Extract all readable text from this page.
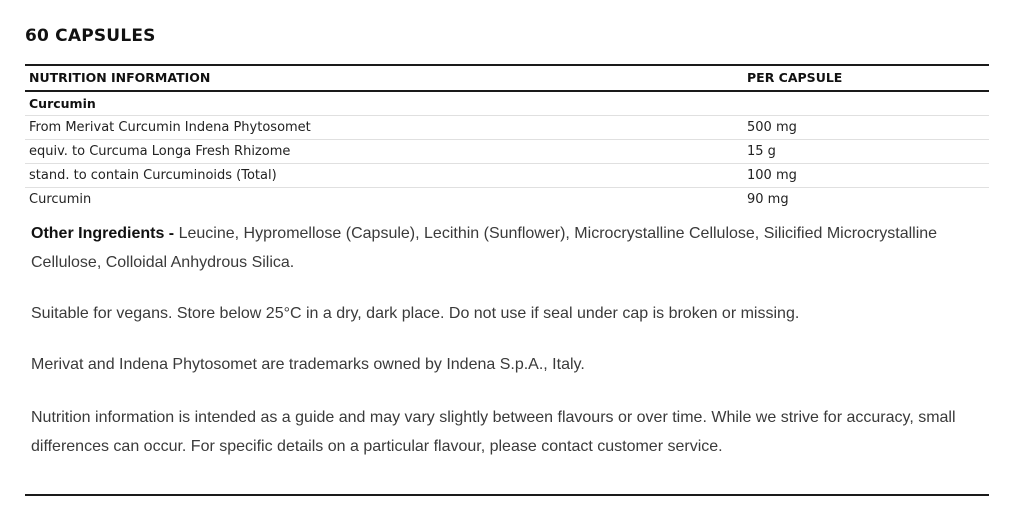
60 CAPSULES
NUTRITION INFORMATION	PER CAPSULE
Curcumin
From Merivat Curcumin Indena Phytosomet	500 mg
equiv. to Curcuma Longa Fresh Rhizome	15 g
stand. to contain Curcuminoids (Total)	100 mg
Curcumin	90 mg

Other Ingredients - Leucine, Hypromellose (Capsule), Lecithin (Sunflower), Microcrystalline Cellulose, Silicified Microcrystalline Cellulose, Colloidal Anhydrous Silica.

Suitable for vegans. Store below 25°C in a dry, dark place. Do not use if seal under cap is broken or missing.

Merivat and Indena Phytosomet are trademarks owned by Indena S.p.A., Italy.

Nutrition information is intended as a guide and may vary slightly between flavours or over time. While we strive for accuracy, small differences can occur. For specific details on a particular flavour, please contact customer service.
